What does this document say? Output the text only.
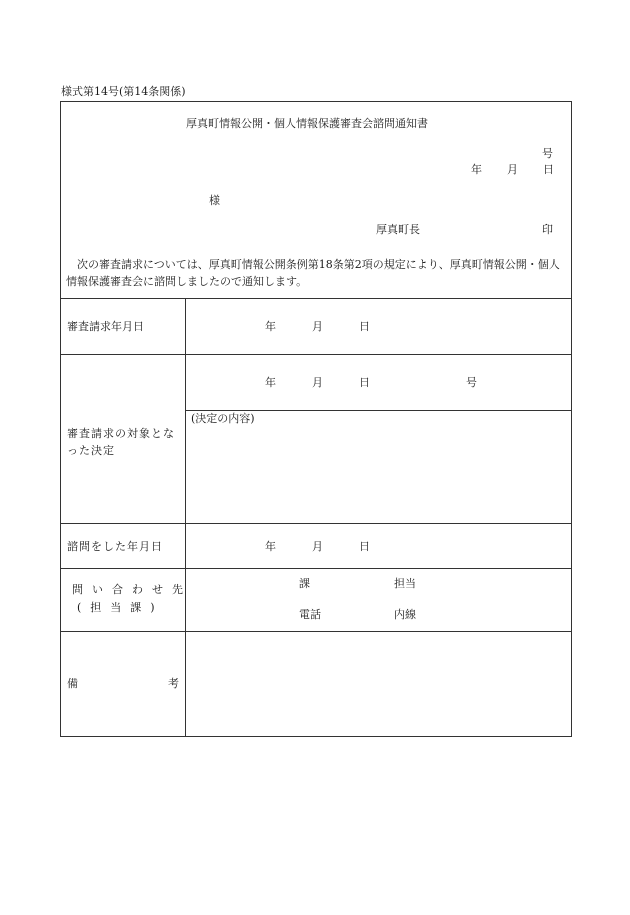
様式第14号(第14条関係)
厚真町情報公開・個人情報保護審査会諮問通知書
号
年 月 日
様
厚真町長	印
次の審査請求については、厚真町情報公開条例第18条第2項の規定により、厚真町情報公開・個人情報保護審査会に諮問しましたので通知します。
審査請求年月日	年	月	日
審査請求の対象となった決定
年	月	日	号
(決定の内容)
諮問をした年月日	年	月	日
問い合わせ先
(担当課)
課	担当
電話	内線
備	考
